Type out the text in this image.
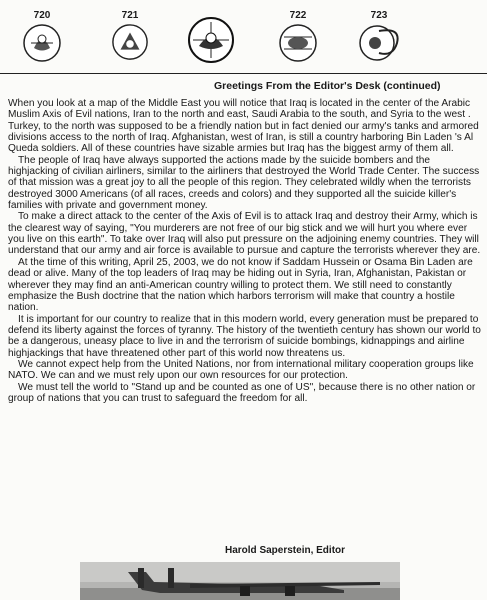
720	721	722	723
Greetings From the Editor's Desk (continued)

When you look at a map of the Middle East you will notice that Iraq is located in the center of the Arabic Muslim Axis of Evil nations, Iran to the north and east, Saudi Arabia to the south, and Syria to the west . Turkey, to the north was supposed to be a friendly nation but in fact denied our army's tanks and armored divisions access to the north of Iraq. Afghanistan, west of Iran, is still a country harboring Bin Laden 's Al Queda soldiers. All of these countries have sizable armies but Iraq has the biggest army of them all.

The people of Iraq have always supported the actions made by the suicide bombers and the highjacking of civilian airliners, similar to the airliners that destroyed the World Trade Center. The success of that mission was a great joy to all the people of this region. They celebrated wildly when the terrorists destroyed 3000 Americans (of all races, creeds and colors) and they supported all the suicide killer's families with private and government money.

To make a direct attack to the center of the Axis of Evil is to attack Iraq and destroy their Army, which is the clearest way of saying, "You murderers are not free of our big stick and we will hurt you where ever you live on this earth". To take over Iraq will also put pressure on the adjoining enemy countries. They will understand that our army and air force is available to pursue and capture the terrorists wherever they are.

At the time of this writing, April 25, 2003, we do not know if Saddam Hussein or Osama Bin Laden are dead or alive. Many of the top leaders of Iraq may be hiding out in Syria, Iran, Afghanistan, Pakistan or wherever they may find an anti-American country willing to protect them. We still need to constantly emphasize the Bush doctrine that the nation which harbors terrorism will make that country a hostile nation.

It is important for our country to realize that in this modern world, every generation must be prepared to defend its liberty against the forces of tyranny. The history of the twentieth century has shown our world to be a dangerous, uneasy place to live in and the terrorism of suicide bombings, kidnappings and airline highjackings that have threatened other part of this world now threatens us.

We cannot expect help from the United Nations, nor from international military cooperation groups like NATO. We can and we must rely upon our own resources for our protection.

We must tell the world to "Stand up and be counted as one of US", because there is no other nation or group of nations that you can trust to safeguard the freedom for all.

Harold Saperstein, Editor
